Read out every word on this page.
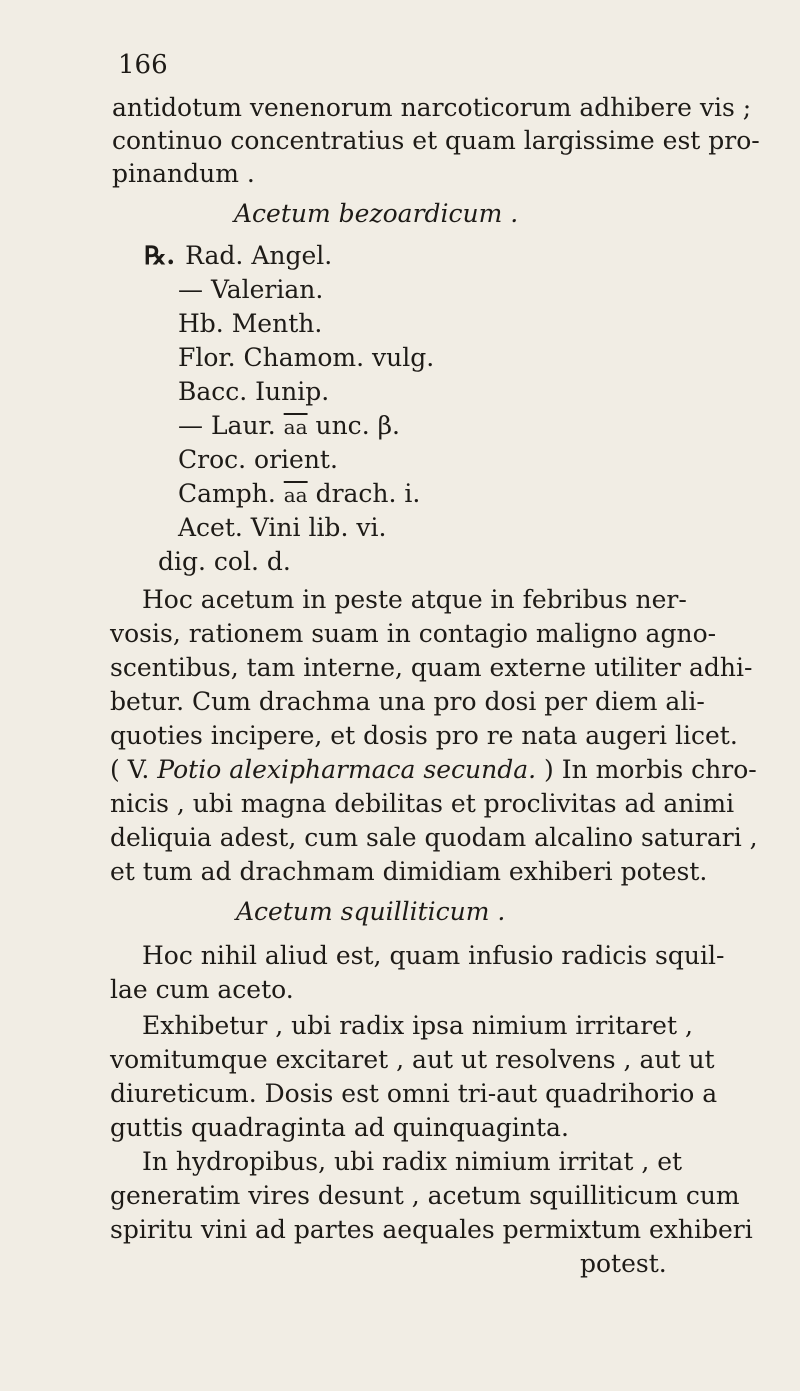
166
antidotum venenorum narcoticorum adhibere vis ;
continuo concentratius et quam largissime est pro-
pinandum .
Acetum bezoardicum .
℞. Rad. Angel.
— Valerian.
Hb. Menth.
Flor. Chamom. vulg.
Bacc. Iunip.
— Laur. $\overline{aa}$ unc. β.
Croc. orient.
Camph. $\overline{aa}$ drach. i.
Acet. Vini lib. vi.
dig. col. d.
Hoc acetum in peste atque in febribus ner-
vosis, rationem suam in contagio maligno agno-
scentibus, tam interne, quam externe utiliter adhi-
betur. Cum drachma una pro dosi per diem ali-
quoties incipere, et dosis pro re nata augeri licet.
( V. Potio alexipharmaca secunda. ) In morbis chro-
nicis , ubi magna debilitas et proclivitas ad animi
deliquia adest, cum sale quodam alcalino saturari ,
et tum ad drachmam dimidiam exhiberi potest.
Acetum squilliticum .
Hoc nihil aliud est, quam infusio radicis squil-
lae cum aceto.
Exhibetur , ubi radix ipsa nimium irritaret ,
vomitumque excitaret , aut ut resolvens , aut ut
diureticum. Dosis est omni tri-aut quadrihorio a
guttis quadraginta ad quinquaginta.
In hydropibus, ubi radix nimium irritat , et
generatim vires desunt , acetum squilliticum cum
spiritu vini ad partes aequales permixtum exhiberi
potest.
